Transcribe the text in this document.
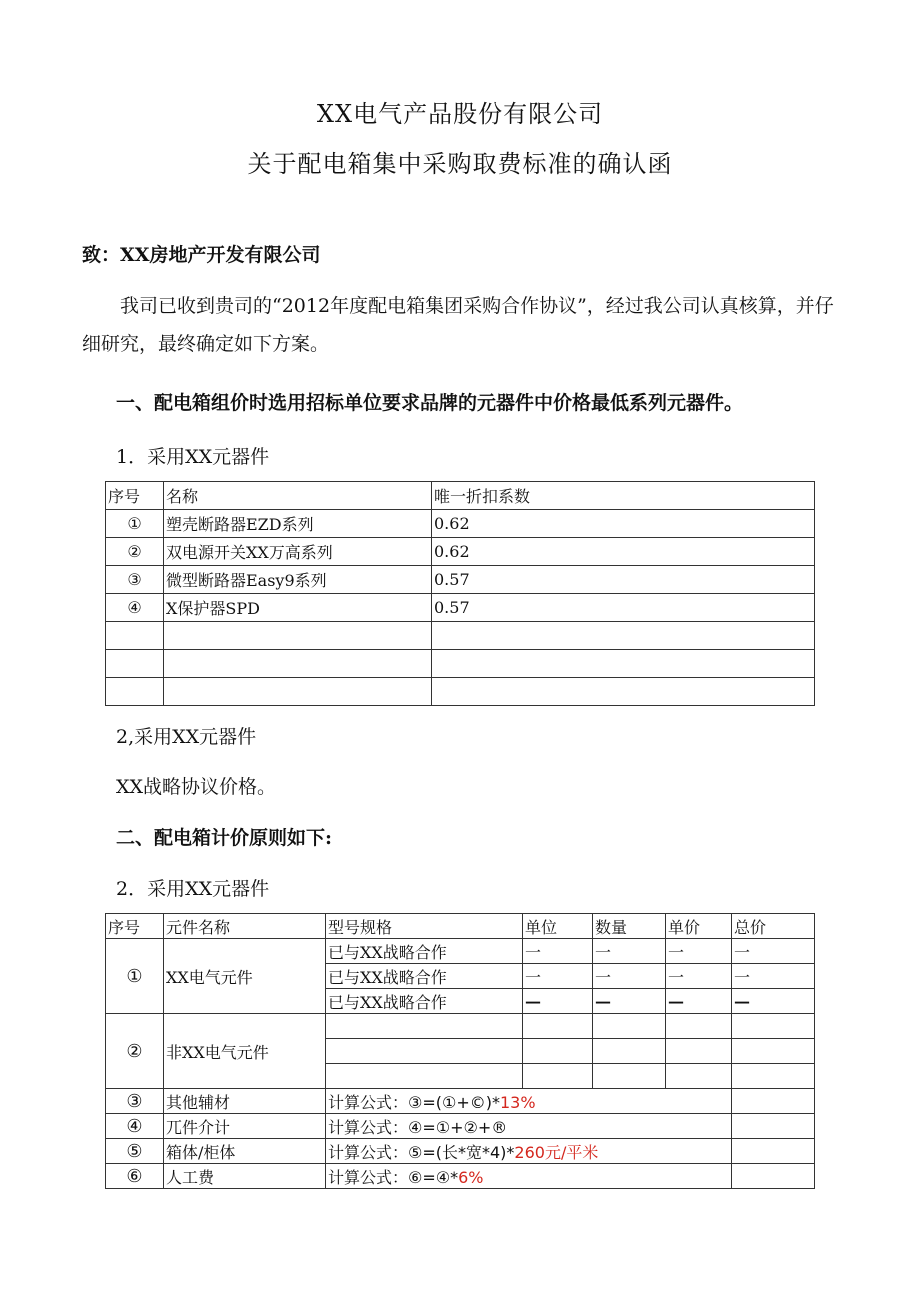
XX电气产品股份有限公司
关于配电箱集中采购取费标准的确认函
致：XX房地产开发有限公司
我司已收到贵司的“2012年度配电箱集团采购合作协议”，经过我公司认真核算，并仔细研究，最终确定如下方案。
一、配电箱组价时选用招标单位要求品牌的元器件中价格最低系列元器件。
1．采用XX元器件
序号	名称	唯一折扣系数
①	塑壳断路器EZD系列	0.62
②	双电源开关XX万高系列	0.62
③	微型断路器Easy9系列	0.57
④	X保护器SPD	0.57

2,采用XX元器件
XX战略协议价格。
二、配电箱计价原则如下:
2．采用XX元器件
序号	元件名称	型号规格	单位	数量	单价	总价
①	XX电气元件	已与XX战略合作	一	一	一	一
		已与XX战略合作	一	一	一	一
		已与XX战略合作	—	—	—	—
②	非XX电气元件					

③	其他辅材	计算公式：③=(①+©)*13%				
④	兀件介计	计算公式：④=①+②+®				
⑤	箱体/柜体	计算公式：⑤=(长*宽*4)*260元/平米				
⑥	人工费	计算公式：⑥=④*6%				
